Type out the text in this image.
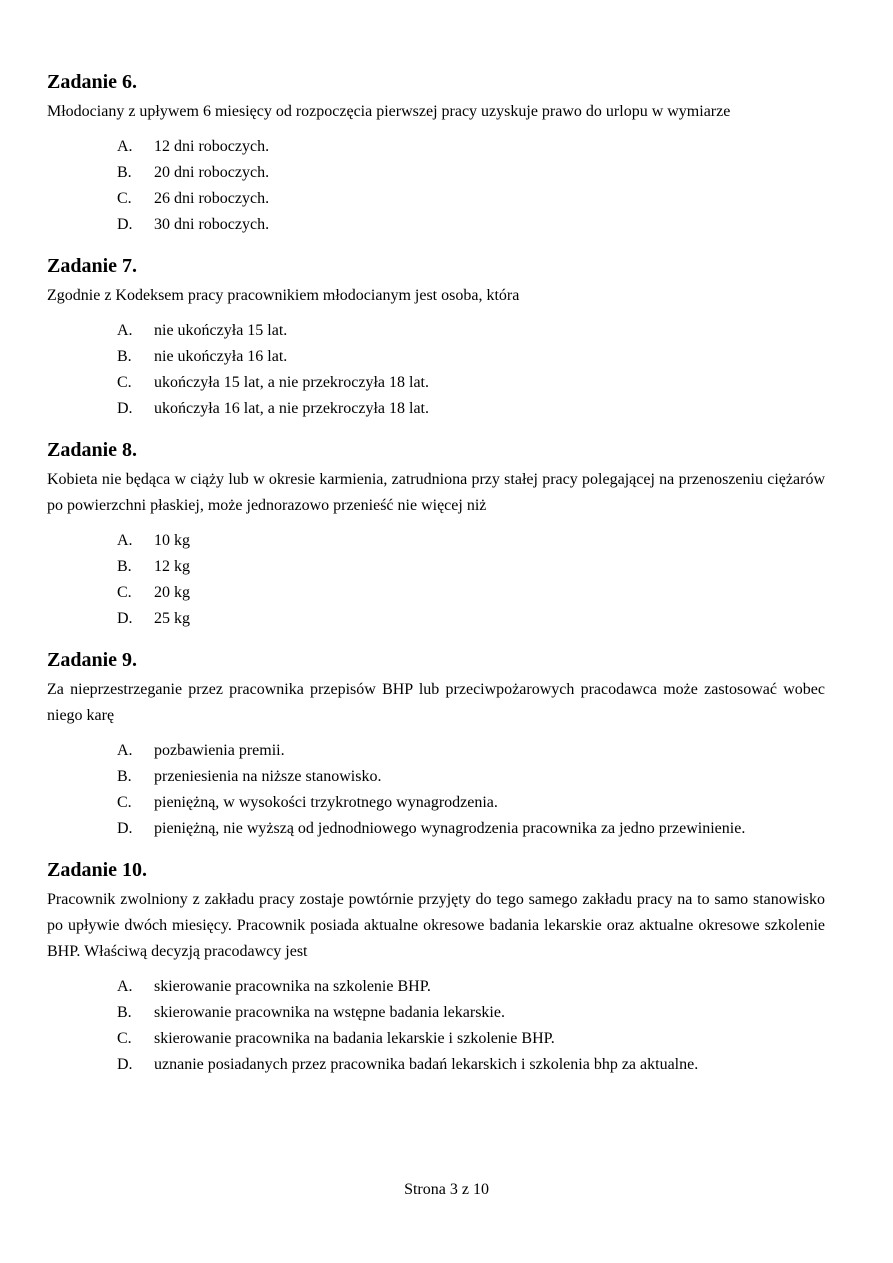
Zadanie 6.

Młodociany z upływem 6 miesięcy od rozpoczęcia pierwszej pracy uzyskuje prawo do urlopu w wymiarze

A.	12 dni roboczych.
B.	20 dni roboczych.
C.	26 dni roboczych.
D.	30 dni roboczych.
Zadanie 7.

Zgodnie z Kodeksem pracy pracownikiem młodocianym jest osoba, która

A.	nie ukończyła 15 lat.
B.	nie ukończyła 16 lat.
C.	ukończyła 15 lat, a nie przekroczyła 18 lat.
D.	ukończyła 16 lat, a nie przekroczyła 18 lat.
Zadanie 8.

Kobieta nie będąca w ciąży lub w okresie karmienia, zatrudniona przy stałej pracy polegającej na przenoszeniu ciężarów po powierzchni płaskiej, może jednorazowo przenieść nie więcej niż

A.	10 kg
B.	12 kg
C.	20 kg
D.	25 kg
Zadanie 9.

Za nieprzestrzeganie przez pracownika przepisów BHP lub przeciwpożarowych pracodawca może zastosować wobec niego karę

A.	pozbawienia premii.
B.	przeniesienia na niższe stanowisko.
C.	pieniężną, w wysokości trzykrotnego wynagrodzenia.
D.	pieniężną, nie wyższą od jednodniowego wynagrodzenia pracownika za jedno przewinienie.
Zadanie 10.

Pracownik zwolniony z zakładu pracy zostaje powtórnie przyjęty do tego samego zakładu pracy na to samo stanowisko po upływie dwóch miesięcy. Pracownik posiada aktualne okresowe badania lekarskie oraz aktualne okresowe szkolenie BHP. Właściwą decyzją pracodawcy jest

A.	skierowanie pracownika na szkolenie BHP.
B.	skierowanie pracownika na wstępne badania lekarskie.
C.	skierowanie pracownika na badania lekarskie i szkolenie BHP.
D.	uznanie posiadanych przez pracownika badań lekarskich i szkolenia bhp za aktualne.
Strona 3 z 10
